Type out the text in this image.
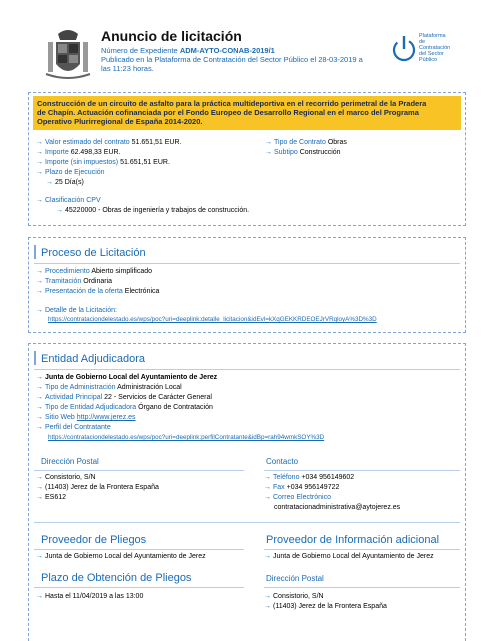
Anuncio de licitación
Número de Expediente ADM-AYTO-CONAB-2019/1
Publicado en la Plataforma de Contratación del Sector Público el 28-03-2019 a
las 11:23 horas.
Plataforma
de
Contratación
del Sector
Público
Construcción de un circuito de asfalto para la práctica multideportiva en el recorrido perimetral de la Pradera
de Chapín. Actuación cofinanciada por el Fondo Europeo de Desarrollo Regional en el marco del Programa
Operativo Plurirregional de España 2014-2020.
→ Valor estimado del contrato 51.651,51 EUR.
→ Importe 62.498,33 EUR.
→ Importe (sin impuestos) 51.651,51 EUR.
→ Plazo de Ejecución
→ 25 Día(s)
→ Tipo de Contrato Obras
→ Subtipo Construcción
→ Clasificación CPV
→ 45220000 - Obras de ingeniería y trabajos de construcción.
Proceso de Licitación
→ Procedimiento Abierto simplificado
→ Tramitación Ordinaria
→ Presentación de la oferta Electrónica
→ Detalle de la Licitación:
https://contrataciondelestado.es/wps/poc?uri=deeplink:detalle_licitacion&idEvl=kXqGEKKRDEOEJrVRqloyA%3D%3D
Entidad Adjudicadora
→ Junta de Gobierno Local del Ayuntamiento de Jerez
→ Tipo de Administración Administración Local
→ Actividad Principal 22 - Servicios de Carácter General
→ Tipo de Entidad Adjudicadora Órgano de Contratación
→ Sitio Web http://www.jerez.es
→ Perfil del Contratante
https://contrataciondelestado.es/wps/poc?uri=deeplink:perfilContratante&idBp=rah94wmkSOY%3D
Dirección Postal
→ Consistorio, S/N
→ (11403) Jerez de la Frontera España
→ ES612
Contacto
→ Teléfono +034 956149602
→ Fax +034 956149722
→ Correo Electrónico
contratacionadministrativa@aytojerez.es
Proveedor de Pliegos
→ Junta de Gobierno Local del Ayuntamiento de Jerez
Proveedor de Información adicional
→ Junta de Gobierno Local del Ayuntamiento de Jerez
Plazo de Obtención de Pliegos
→ Hasta el 11/04/2019 a las 13:00
Dirección Postal
→ Consistorio, S/N
→ (11403) Jerez de la Frontera España
